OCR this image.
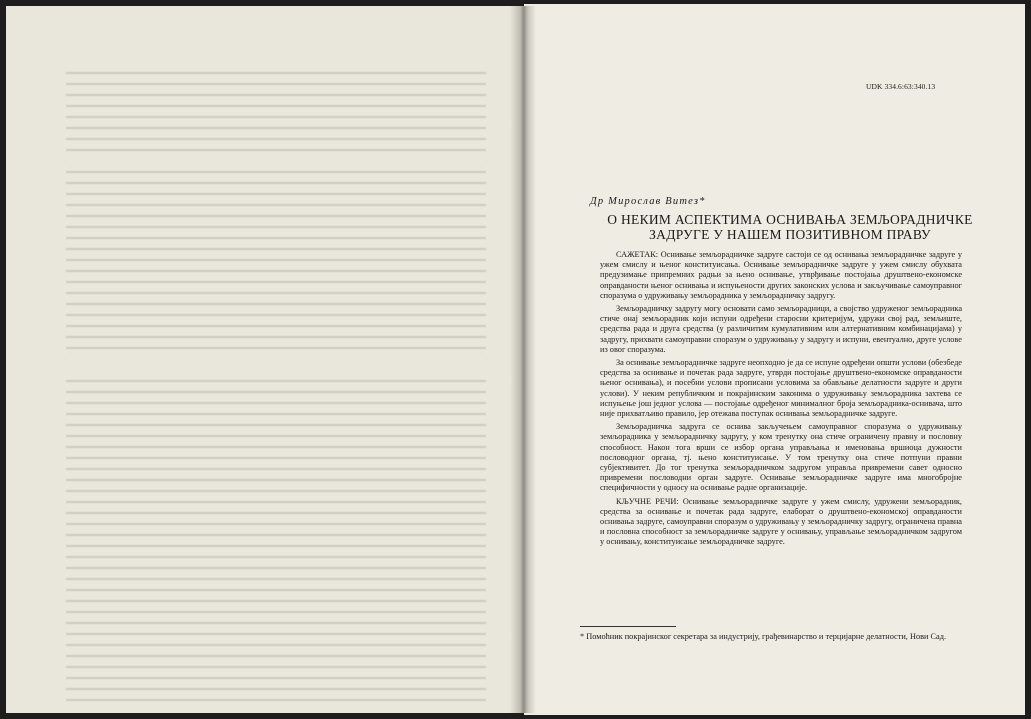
UDK 334.6:63:340.13
Др Мирослав Витез*
О НЕКИМ АСПЕКТИМА ОСНИВАЊА ЗЕМЉОРАДНИЧКЕ ЗАДРУГЕ У НАШЕМ ПОЗИТИВНОМ ПРАВУ

САЖЕТАК: Оснивање земљорадничке задруге састоји се од оснивања земљорадничке задруге у ужем смислу и њеног конституисања. Оснивање земљорадничке задруге у ужем смислу обухвата предузимање припремних радњи за њено оснивање, утврђивање постојања друштвено-економске оправданости њеног оснивања и испуњености других законских услова и закључивање самоуправног споразума о удруживању земљорадника у земљорадничку задругу.

Земљорадничку задругу могу основати само земљорадници, а својство удруженог земљорадника стиче онај земљорадник који испуни одређени старосни критеријум, удружи свој рад, земљиште, средства рада и друга средства (у различитим кумулативним или алтернативним комбинацијама) у задругу, прихвати самоуправни споразум о удруживању у задругу и испуни, евентуално, друге услове из овог споразума.

За оснивање земљорадничке задруге неопходно је да се испуне одређени општи услови (обезбеде средства за оснивање и почетак рада задруге, утврди постојање друштвено-економске оправданости њеног оснивања), и посебни услови прописани условима за обављање делатности задруге и други услови). У неким републичким и покрајинским законима о удруживању земљорадника захтева се испуњење још једног услова — постојање одређеног минималног броја земљорадника-оснивача, што није прихватљиво правило, јер отежава поступак оснивања земљорадничке задруге.

Земљорадничка задруга се оснива закључењем самоуправног споразума о удруживању земљорадника у земљорадничку задругу, у ком тренутку она стиче ограничену правну и пословну способност. Након тога врши се избор органа управљања и именовања вршиоца дужности пословодног органа, тј. њено конституисање. У том тренутку она стиче потпуни правни субјективитет. До тог тренутка земљорадничком задругом управља привремени савет односно привремени пословодни орган задруге. Оснивање земљорадничке задруге има многобројне специфичности у односу на оснивање радне организације.

КЉУЧНЕ РЕЧИ: Оснивање земљорадничке задруге у ужем смислу, удружени земљорадник, средства за оснивање и почетак рада задруге, елаборат о друштвено-економској оправданости оснивања задруге, самоуправни споразум о удруживању у земљорадничку задругу, ограничена правна и пословна способност за земљорадничке задруге у оснивању, управљање земљорадничком задругом у оснивању, конституисање земљорадничке задруге.

* Помоћник покрајинског секретара за индустрију, грађевинарство и терцијарне делатности, Нови Сад.
